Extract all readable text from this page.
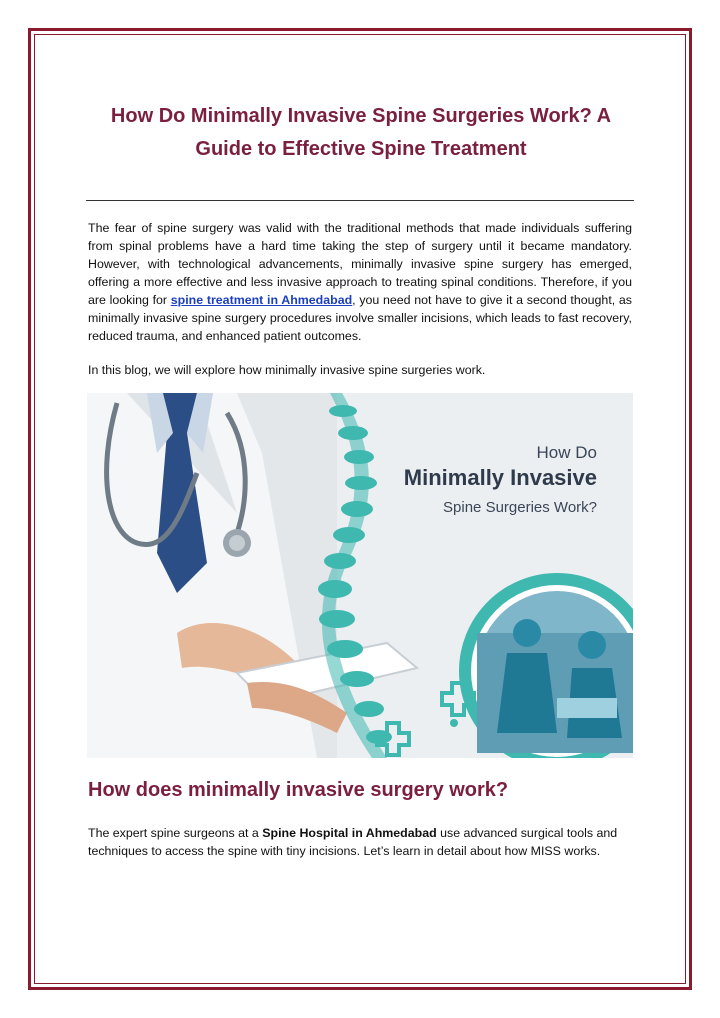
How Do Minimally Invasive Spine Surgeries Work? A Guide to Effective Spine Treatment

The fear of spine surgery was valid with the traditional methods that made individuals suffering from spinal problems have a hard time taking the step of surgery until it became mandatory. However, with technological advancements, minimally invasive spine surgery has emerged, offering a more effective and less invasive approach to treating spinal conditions. Therefore, if you are looking for spine treatment in Ahmedabad, you need not have to give it a second thought, as minimally invasive spine surgery procedures involve smaller incisions, which leads to fast recovery, reduced trauma, and enhanced patient outcomes.

In this blog, we will explore how minimally invasive spine surgeries work.

How Do
Minimally Invasive
Spine Surgeries Work?
How does minimally invasive surgery work?

The expert spine surgeons at a Spine Hospital in Ahmedabad use advanced surgical tools and techniques to access the spine with tiny incisions. Let’s learn in detail about how MISS works.
